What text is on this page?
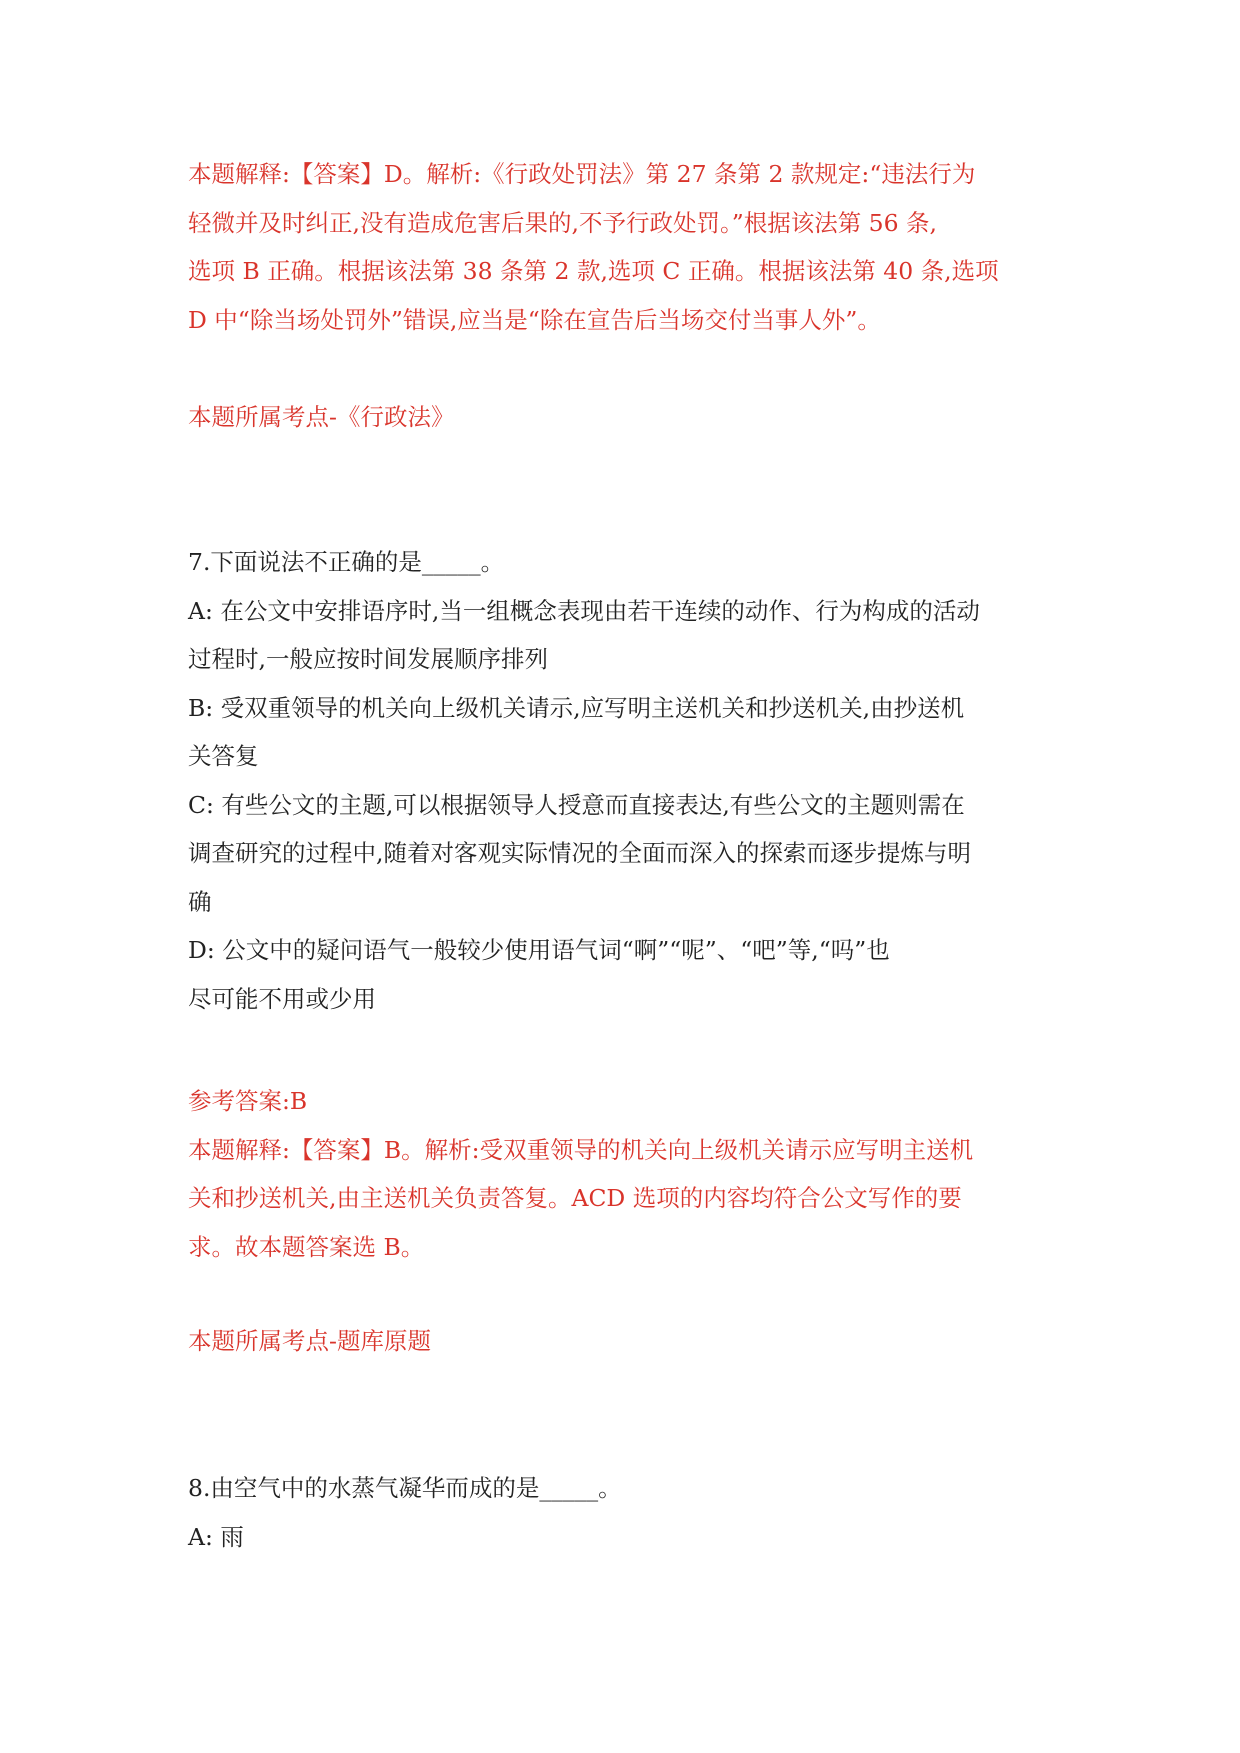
本题解释:【答案】D。解析:《行政处罚法》第 27 条第 2 款规定:“违法行为
轻微并及时纠正,没有造成危害后果的,不予行政处罚。”根据该法第 56 条,
选项 B 正确。根据该法第 38 条第 2 款,选项 C 正确。根据该法第 40 条,选项
D 中“除当场处罚外”错误,应当是“除在宣告后当场交付当事人外”。
本题所属考点-《行政法》
7.下面说法不正确的是_____。
A: 在公文中安排语序时,当一组概念表现由若干连续的动作、行为构成的活动
过程时,一般应按时间发展顺序排列
B: 受双重领导的机关向上级机关请示,应写明主送机关和抄送机关,由抄送机
关答复
C: 有些公文的主题,可以根据领导人授意而直接表达,有些公文的主题则需在
调查研究的过程中,随着对客观实际情况的全面而深入的探索而逐步提炼与明
确
D: 公文中的疑问语气一般较少使用语气词“啊”“呢”、“吧”等,“吗”也
尽可能不用或少用
参考答案:B
本题解释:【答案】B。解析:受双重领导的机关向上级机关请示应写明主送机
关和抄送机关,由主送机关负责答复。ACD 选项的内容均符合公文写作的要
求。故本题答案选 B。
本题所属考点-题库原题
8.由空气中的水蒸气凝华而成的是_____。
A: 雨
